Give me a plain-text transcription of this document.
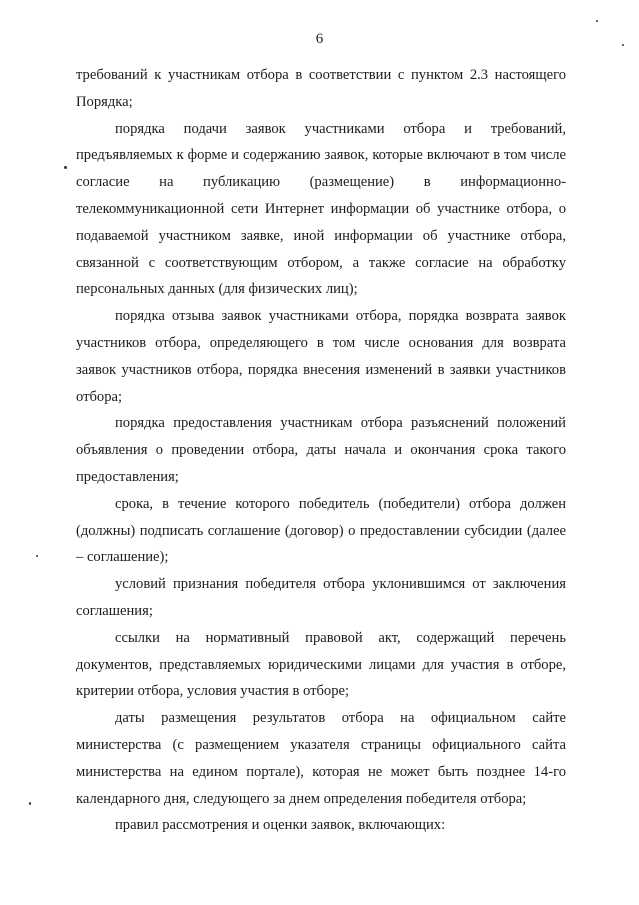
6

требований к участникам отбора в соответствии с пунктом 2.3 настоящего Порядка;

порядка подачи заявок участниками отбора и требований, предъявляемых к форме и содержанию заявок, которые включают в том числе согласие на публикацию (размещение) в информационно-телекоммуникационной сети Интернет информации об участнике отбора, о подаваемой участником заявке, иной информации об участнике отбора, связанной с соответствующим отбором, а также согласие на обработку персональных данных (для физических лиц);

порядка отзыва заявок участниками отбора, порядка возврата заявок участников отбора, определяющего в том числе основания для возврата заявок участников отбора, порядка внесения изменений в заявки участников отбора;

порядка предоставления участникам отбора разъяснений положений объявления о проведении отбора, даты начала и окончания срока такого предоставления;

срока, в течение которого победитель (победители) отбора должен (должны) подписать соглашение (договор) о предоставлении субсидии (далее – соглашение);

условий признания победителя отбора уклонившимся от заключения соглашения;

ссылки на нормативный правовой акт, содержащий перечень документов, представляемых юридическими лицами для участия в отборе, критерии отбора, условия участия в отборе;

даты размещения результатов отбора на официальном сайте министерства (с размещением указателя страницы официального сайта министерства на едином портале), которая не может быть позднее 14-го календарного дня, следующего за днем определения победителя отбора;

правил рассмотрения и оценки заявок, включающих:
